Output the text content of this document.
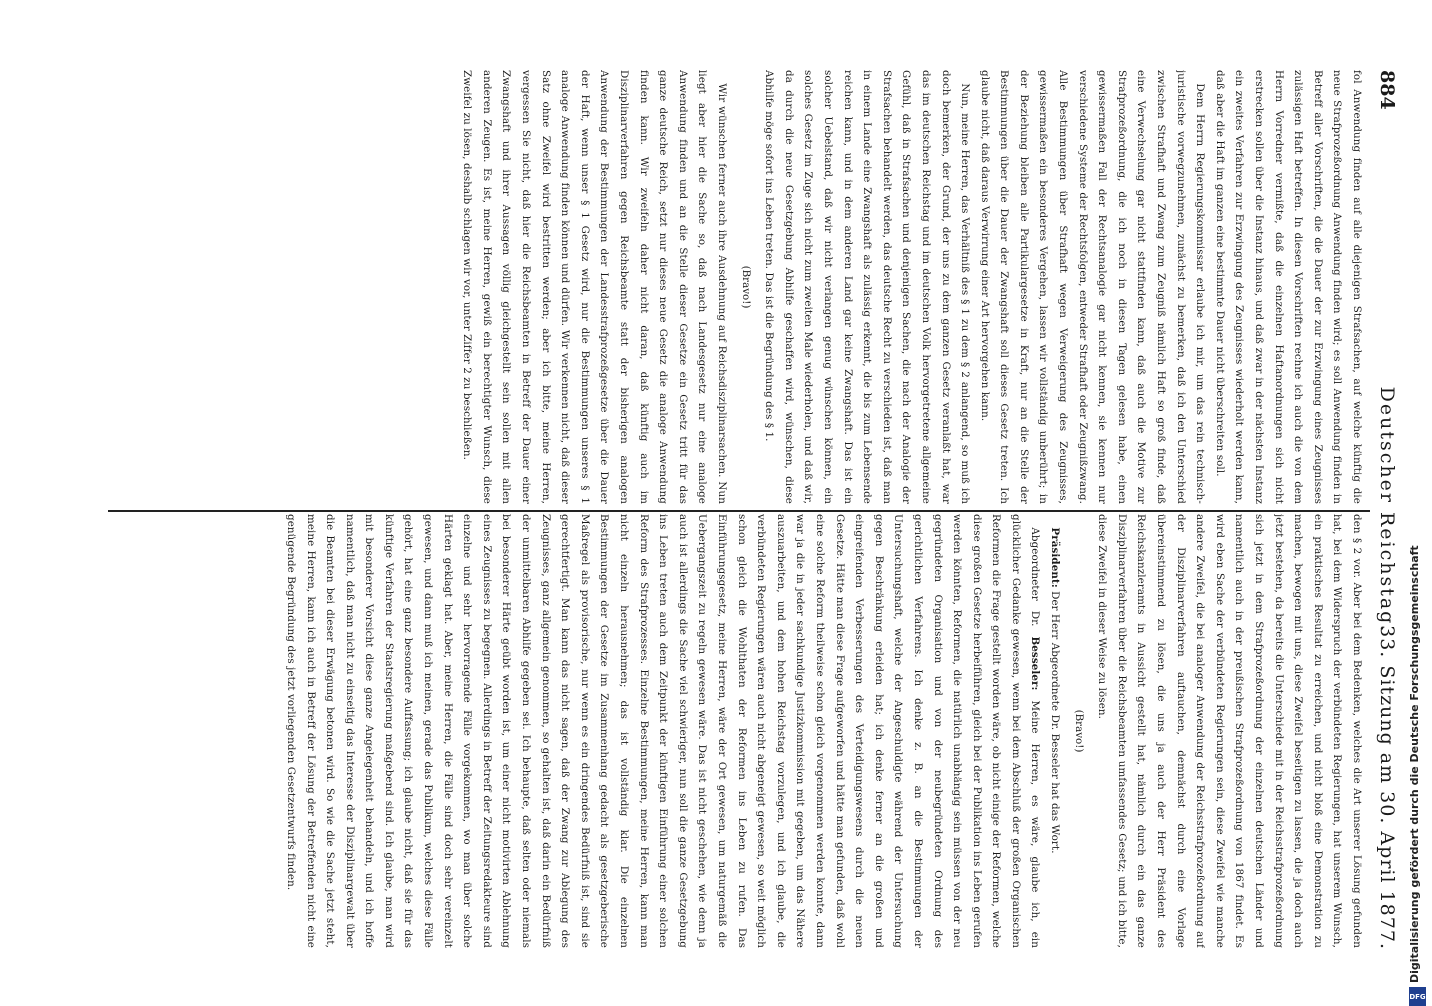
884
Deutscher Reichstag.
33. Sitzung am 30. April 1877.

fol Anwendung finden auf alle diejenigen Strafsachen, auf welche künftig die neue Strafprozeßordnung Anwendung finden wird; es soll Anwendung finden in Betreff aller Vorschriften, die die Dauer der zur Erzwingung eines Zeugnisses zulässigen Haft betreffen. In diesen Vorschriften rechne ich auch die von dem Herrn Vorredner vermißte, daß die einzelnen Haftanordnungen sich nicht erstrecken sollen über die Instanz hinaus, und daß zwar in der nächsten Instanz ein zweites Verfahren zur Erzwingung des Zeugnisses wiederholt werden kann, daß aber die Haft im ganzen eine bestimmte Dauer nicht überschreiten soll.

Dem Herrn Regierungskommissar erlaube ich mir, um das rein technisch-juristische vorwegzunehmen, zunächst zu bemerken, daß ich den Unterschied zwischen Strafhaft und Zwang zum Zeugniß nämlich Haft so groß finde, daß eine Verwechselung gar nicht stattfinden kann, daß auch die Motive zur Strafprozeßordnung, die ich noch in diesen Tagen gelesen habe, einen gewissermaßen Fall der Rechtsanalogie gar nicht kennen, sie kennen nur verschiedene Systeme der Rechtsfolgen, entweder Strafhaft oder Zeugnißzwang. Alle Bestimmungen über Strafhaft wegen Verweigerung des Zeugnisses, gewissermaßen ein besonderes Vergehen, lassen wir vollständig unberührt; in der Beziehung bleiben alle Partikulargesetze in Kraft, nur an die Stelle der Bestimmungen über die Dauer der Zwangshaft soll dieses Gesetz treten. Ich glaube nicht, daß daraus Verwirrung einer Art hervorgehen kann.

Nun, meine Herren, das Verhältniß des § 1 zu dem § 2 anlangend, so muß ich doch bemerken, der Grund, der uns zu dem ganzen Gesetz veranlaßt hat, war das im deutschen Reichstag und im deutschen Volk hervorgetretene allgemeine Gefühl, daß in Strafsachen und denjenigen Sachen, die nach der Analogie der Strafsachen behandelt werden, das deutsche Recht zu verschieden ist, daß man in einem Lande eine Zwangshaft als zulässig erkennt, die bis zum Lebensende reichen kann, und in dem anderen Land gar keine Zwangshaft. Das ist ein solcher Uebelstand, daß wir nicht verlangen genug wünschen können, ein solches Gesetz im Zuge sich nicht zum zweiten Male wiederholen, und daß wir, da durch die neue Gesetzgebung Abhilfe geschaffen wird, wünschen, diese Abhilfe möge sofort ins Leben treten. Das ist die Begründung des § 1.

(Bravo!)

Wir wünschen ferner auch ihre Ausdehnung auf Reichsdisziplinarsachen. Nun liegt aber hier die Sache so, daß nach Landesgesetz nur eine analoge Anwendung finden und an die Stelle dieser Gesetze ein Gesetz tritt für das ganze deutsche Reich, setzt nur dieses neue Gesetz die analoge Anwendung finden kann. Wir zweifeln daher nicht daran, daß künftig auch im Disziplinarverfahren gegen Reichsbeamte statt der bisherigen analogen Anwendung der Bestimmungen der Landesstrafprozeßgesetze über die Dauer der Haft, wenn unser § 1 Gesetz wird, nur die Bestimmungen unseres § 1 analoge Anwendung finden können und dürfen. Wir verkennen nicht, daß dieser Satz ohne Zweifel wird bestritten werden; aber ich bitte, meine Herren, vergessen Sie nicht, daß hier die Reichsbeamten in Betreff der Dauer einer Zwangshaft und ihrer Aussagen völlig gleichgestellt sein sollen mit allen anderen Zeugen. Es ist, meine Herren, gewiß ein berechtigter Wunsch, diese Zweifel zu lösen, deshalb schlagen wir vor, unter Ziffer 2 zu beschließen.

den § 2 vor. Aber bei dem Bedenken, welches die Art unserer Lösung gefunden hat, bei dem Widerspruch der verbündeten Regierungen, hat unserem Wunsch, ein praktisches Resultat zu erreichen, und nicht bloß eine Demonstration zu machen, bewogen mit uns, diese Zweifel beseitigen zu lassen, die ja doch auch jetzt bestehen, da bereits die Unterschiede mit in der Reichsstrafprozeßordnung sich jetzt in dem Strafprozeßordnung der einzelnen deutschen Länder und namentlich auch in der preußischen Strafprozeßordnung von 1867 findet. Es wird eben Sache der verbündeten Regierungen sein, diese Zweifel wie manche andere Zweifel, die bei analoger Anwendung der Reichsstrafprozeßordnung auf der Disziplinarverfahren auftauchen, demnächst durch eine Vorlage übereinstimmend zu lösen, die uns ja auch der Herr Präsident des Reichskanzleramts in Aussicht gestellt hat, nämlich durch ein das ganze Disziplinarverfahren über die Reichsbeamten umfassendes Gesetz; und ich bitte, diese Zweifel in dieser Weise zu lösen.

(Bravo!)

Präsident: Der Herr Abgeordnete Dr. Besseler hat das Wort.

Abgeordneter Dr. Besseler: Meine Herren, es wäre, glaube ich, ein glücklicher Gedanke gewesen, wenn bei dem Abschluß der großen Organischen Reformen die Frage gestellt worden wäre, ob nicht einige der Reformen, welche diese großen Gesetze herbeiführen, gleich bei der Publikation ins Leben gerufen werden könnten, Reformen, die natürlich unabhängig sein müssen von der neu gegründeten Organisation und von der neubegründeten Ordnung des gerichtlichen Verfahrens. Ich denke z. B. an die Bestimmungen der Untersuchungshaft, welche der Angeschuldigte während der Untersuchung gegen Beschränkung erleiden hat; ich denke ferner an die großen und eingreifenden Verbesserungen des Verteidigungswesens durch die neuen Gesetze. Hätte man diese Frage aufgeworfen und hätte man gefunden, daß wohl eine solche Reform theilweise schon gleich vorgenommen werden konnte, dann war ja die in jeder sachkundige Justizkommission mit gegeben, um das Nähere auszuarbeiten, und dem hohen Reichstag vorzulegen, und ich glaube, die verbündeten Regierungen wären auch nicht abgeneigt gewesen, so weit möglich schon gleich die Wohlthaten der Reformen ins Leben zu rufen. Das Einführungsgesetz, meine Herren, wäre der Ort gewesen, um naturgemäß die Uebergangszeit zu regeln gewesen wäre. Das ist nicht geschehen, wie denn ja auch ist allerdings die Sache viel schwieriger, nun soll die ganze Gesetzgebung ins Leben treten auch dem Zeitpunkt der künftigen Einführung einer solchen Reform des Strafprozesses. Einzelne Bestimmungen, meine Herren, kann man nicht einzeln herausnehmen; das ist vollständig klar. Die einzelnen Bestimmungen der Gesetze im Zusammenhang gedacht als gesetzgeberische Maßregel als provisorische, nur wenn es ein dringendes Bedürfniß ist, sind sie gerechtfertigt. Man kann das nicht sagen, daß der Zwang zur Ablegung des Zeugnisses, ganz allgemein genommen, so gehalten ist, daß darin ein Bedürfniß der unmittelbaren Abhilfe gegeben sei. Ich behaupte, daß selten oder niemals bei besonderer Härte geübt worden ist, um einer nicht motivirten Ablehnung eines Zeugnisses zu begegnen. Allerdings in Betreff der Zeitungsredakteure sind einzelne und sehr hervorragende Fälle vorgekommen, wo man über solche Härten geklagt hat. Aber, meine Herren, die Fälle sind doch sehr vereinzelt gewesen, und dann muß ich meinen, gerade das Publikum, welches diese Fälle gehört, hat eine ganz besondere Auffassung; ich glaube nicht, daß sie für das künftige Verfahren der Staatsregierung maßgebend sind. Ich glaube, man wird mit besonderer Vorsicht diese ganze Angelegenheit behandeln, und ich hoffe namentlich, daß man nicht zu einseitig das Interesse der Disziplinargewalt über die Beamten bei dieser Erwägung betonen wird. So wie die Sache jetzt steht, meine Herren, kann ich auch in Betreff der Lösung der Betreffenden nicht eine genügende Begründung des jetzt vorliegenden Gesetzentwurfs finden.	Digitalisierung gefördert durch die Deutsche Forschungsgemeinschaft
DFG
